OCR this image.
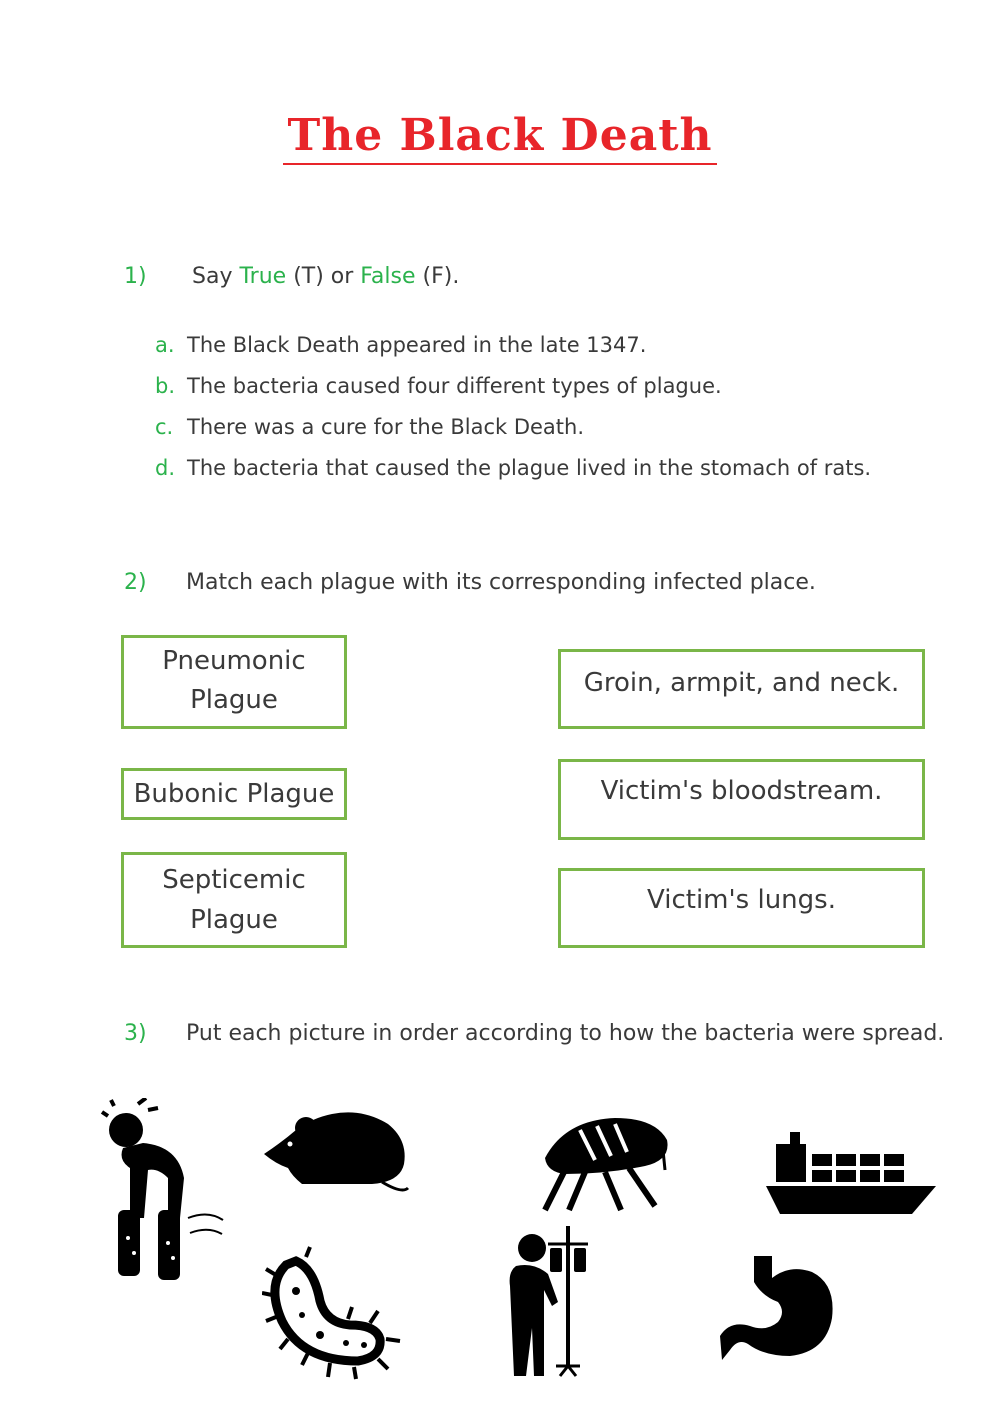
The Black Death
1) Say True (T) or False (F).
a. The Black Death appeared in the late 1347.
b. The bacteria caused four different types of plague.
c. There was a cure for the Black Death.
d. The bacteria that caused the plague lived in the stomach of rats.
2) Match each plague with its corresponding infected place.
Pneumonic Plague
Bubonic Plague
Septicemic Plague
Groin, armpit, and neck.
Victim's bloodstream.
Victim's lungs.
3) Put each picture in order according to how the bacteria were spread.
